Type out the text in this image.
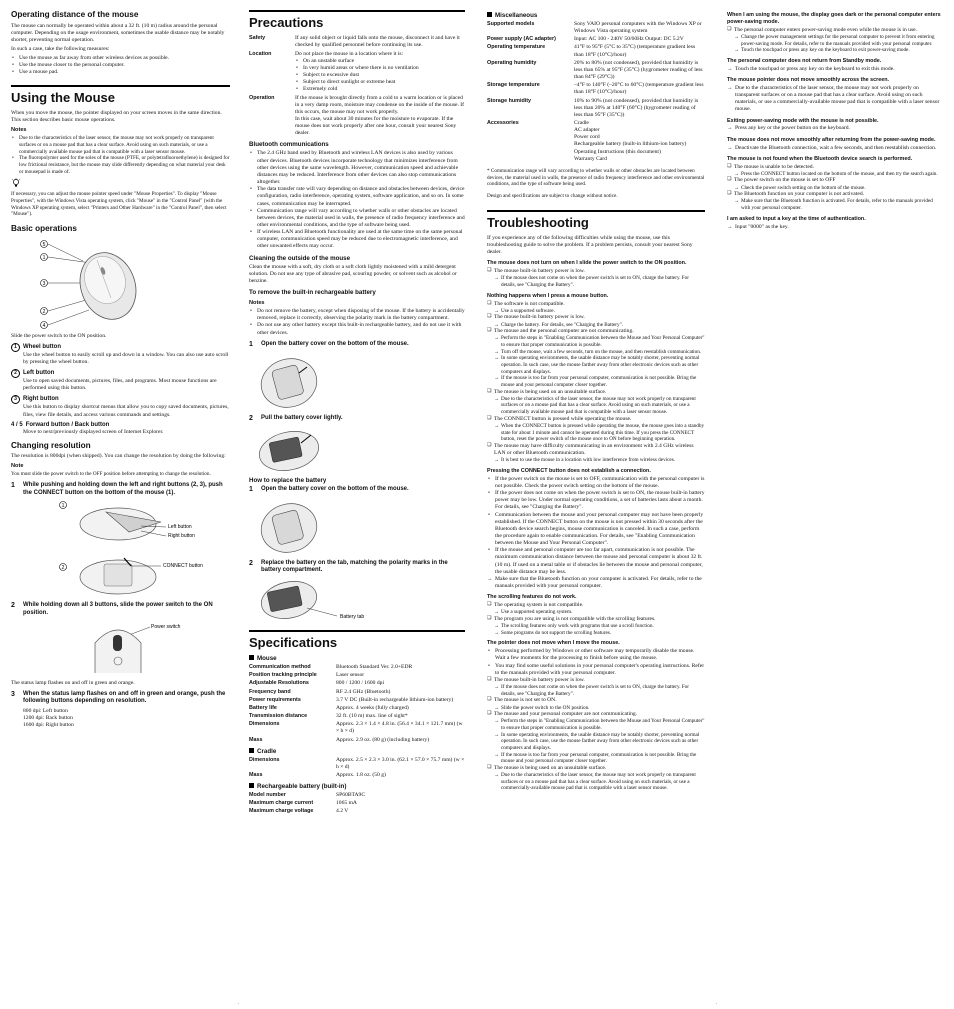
Operating distance of the mouse

The mouse can normally be operated within about a 32 ft. (10 m) radius around the personal computer. Depending on the usage environment, sometimes the usable distance may be notably shorter, preventing normal operation.

In such a case, take the following measures:

• Use the mouse as far away from other wireless devices as possible.
• Use the mouse closer to the personal computer.
• Use a mouse pad.
Using the Mouse

When you move the mouse, the pointer displayed on your screen moves in the same direction. This section describes basic mouse operations.

Notes
• Due to the characteristics of the laser sensor, the mouse may not work properly on transparent surfaces or on a mouse pad that has a clear surface. Avoid using on such materials, or use a commercially available mouse pad that is compatible with a laser sensor mouse.
• The fluoropolymer used for the soles of the mouse (PTFE, or polytetrafluoroethylene) is designed for low frictional resistance, but the mouse may slide differently depending on what material your desk or mousepad is made of.

If necessary, you can adjust the mouse pointer speed under "Mouse Properties". To display "Mouse Properties", with the Windows Vista operating system, click "Mouse" in the "Control Panel" (with the Windows XP operating system, select "Printers and Other Hardware" in the "Control Panel", then select "Mouse").

Basic operations
5
1
3
2
4

Slide the power switch to the ON position.

1 Wheel button

Use the wheel button to easily scroll up and down in a window. You can also use auto scroll by pressing the wheel button.

2 Left button

Use to open saved documents, pictures, files, and programs. Most mouse functions are performed using this button.

3 Right button

Use this button to display shortcut menus that allow you to copy saved documents, pictures, files, view file details, and access various commands and settings.

4 / 5 Forward button / Back button

Move to next/previously displayed screen of Internet Explorer.

Changing resolution

The resolution is 800dpi (when shipped). You can change the resolution by doing the following:

Note

You must slide the power switch to the OFF position before attempting to change the resolution.

1	While pushing and holding down the left and right buttons (2, 3), push the CONNECT button on the bottom of the mouse (1).
1
2
Left button
Right button
CONNECT button
2	While holding down all 3 buttons, slide the power switch to the ON position.
Power switch

The status lamp flashes on and off in green and orange.

3	When the status lamp flashes on and off in green and orange, push the following buttons depending on resolution.

800 dpi: Left button

1200 dpi: Back button

1600 dpi: Right button

Precautions
Safety	If any solid object or liquid falls onto the mouse, disconnect it and have it checked by qualified personnel before continuing its use.
Location	Do not place the mouse in a location where it is:
• On an unstable surface
• In very humid areas or where there is no ventilation
• Subject to excessive dust
• Subject to direct sunlight or extreme heat
• Extremely cold
Operation	If the mouse is brought directly from a cold to a warm location or is placed in a very damp room, moisture may condense on the inside of the mouse. If this occurs, the mouse may not work properly.
In this case, wait about 30 minutes for the moisture to evaporate. If the mouse does not work properly after one hour, consult your nearest Sony dealer.
Bluetooth communications
• The 2.4 GHz band used by Bluetooth and wireless LAN devices is also used by various other devices. Bluetooth devices incorporate technology that minimizes interference from other devices using the same wavelength. However, communication speed and achievable distances may be reduced. Interference from other devices can also stop communications altogether.
• The data transfer rate will vary depending on distance and obstacles between devices, device configuration, radio interference, operating system, software application, and so on. In some cases, communication may be interrupted.
• Communication range will vary according to whether walls or other obstacles are located between devices, the material used in walls, the presence of radio frequency interference and other environmental conditions, and the type of software being used.
• If wireless LAN and Bluetooth functionality are used at the same time on the same personal computer, communication speed may be reduced due to electromagnetic interference, and other unwanted effects may occur.
Cleaning the outside of the mouse

Clean the mouse with a soft, dry cloth or a soft cloth lightly moistened with a mild detergent solution. Do not use any type of abrasive pad, scouring powder, or solvent such as alcohol or benzine.

To remove the built-in rechargeable battery
Notes
• Do not remove the battery, except when disposing of the mouse. If the battery is accidentally removed, replace it correctly, observing the polarity mark in the battery compartment.
• Do not use any other battery except this built-in rechargeable battery, and do not use it with other devices.
1	Open the battery cover on the bottom of the mouse.
2	Pull the battery cover lightly.
How to replace the battery
1	Open the battery cover on the bottom of the mouse.
2	Replace the battery on the tab, matching the polarity marks in the battery compartment.
Battery tab
Specifications
Mouse
Communication method	Bluetooth Standard Ver. 2.0+EDR
Position tracking principle	Laser sensor
Adjustable Resolutions	800 / 1200 / 1600 dpi
Frequency band	RF 2.4 GHz (Bluetooth)
Power requirements	3.7 V DC (Built-in rechargeable lithium-ion battery)
Battery life	Approx. 4 weeks (fully charged)
Transmission distance	32 ft. (10 m) max. line of sight*
Dimensions	Approx. 2.3 × 1.4 × 4.8 in. (56.4 × 34.1 × 121.7 mm) (w × h × d)
Mass	Approx. 2.9 oz. (80 g) (including battery)
Cradle
Dimensions	Approx. 2.5 × 2.3 × 3.0 in. (62.1 × 57.0 × 75.7 mm) (w × h × d)
Mass	Approx. 1.8 oz. (50 g)
Rechargeable battery (built-in)
Model number	SP60BTA9C
Maximum charge current	1065 mA
Maximum charge voltage	4.2 V
Miscellaneous
Supported models	Sony VAIO personal computers with the Windows XP or Windows Vista operating system
Power supply (AC adapter)	Input: AC 100 - 240V 50/60Hz Output: DC 5.2V
Operating temperature	41°F to 95°F (5°C to 35°C) (temperature gradient less than 18°F (10°C)/hour)
Operating humidity	20% to 80% (not condensed), provided that humidity is less than 65% at 95°F (35°C) (hygrometer reading of less than 84°F (29°C))
Storage temperature	–4°F to 140°F (–20°C to 60°C) (temperature gradient less than 18°F (10°C)/hour)
Storage humidity	10% to 90% (not condensed), provided that humidity is less than 20% at 140°F (60°C) (hygrometer reading of less than 95°F (35°C))
Accessories	Cradle
AC adapter
Power cord
Rechargeable battery (built-in lithium-ion battery)
Operating Instructions (this document)
Warranty Card

* Communication range will vary according to whether walls or other obstacles are located between devices, the material used in walls, the presence of radio frequency interference and other environmental conditions, and the type of software being used.

Design and specifications are subject to change without notice.

Troubleshooting

If you experience any of the following difficulties while using the mouse, use this troubleshooting guide to solve the problem. If a problem persists, consult your nearest Sony dealer.

The mouse does not turn on when I slide the power switch to the ON position.
❏ The mouse built-in battery power is low.
→ If the mouse does not come on when the power switch is set to ON, charge the battery. For details, see "Charging the Battery".
Nothing happens when I press a mouse button.
❏ The software is not compatible.
→ Use a supported software.
❏ The mouse built-in battery power is low.
→ Charge the battery. For details, see "Charging the Battery".
❏ The mouse and the personal computer are not communicating.
→ Perform the steps in "Enabling Communication between the Mouse and Your Personal Computer" to ensure that proper communication is possible.
→ Turn off the mouse, wait a few seconds, turn on the mouse, and then reestablish communication.
→ In some operating environments, the usable distance may be notably shorter, preventing normal operation. In such case, use the mouse farther away from other electronic devices such as other computers and displays.
→ If the mouse is too far from your personal computer, communication is not possible. Bring the mouse and your personal computer closer together.
❏ The mouse is being used on an unsuitable surface.
→ Due to the characteristics of the laser sensor, the mouse may not work properly on transparent surfaces or on a mouse pad that has a clear surface. Avoid using on such materials, or use a commercially available mouse pad that is compatible with a laser sensor mouse.
❏ The CONNECT button is pressed while operating the mouse.
→ When the CONNECT button is pressed while operating the mouse, the mouse goes into a standby state for about 1 minute and cannot be operated during this time. If you press the CONNECT button, reset the power switch of the mouse once to ON before beginning operation.
❏ The mouse may have difficulty communicating in an environment with 2.4 GHz wireless LAN or other Bluetooth communication.
→ It is best to use the mouse in a location with low interference from wireless devices.
Pressing the CONNECT button does not establish a connection.
• If the power switch on the mouse is set to OFF, communication with the personal computer is not possible. Check the power switch setting on the bottom of the mouse.
• If the power does not come on when the power switch is set to ON, the mouse built-in battery power may be low. Under normal operating conditions, a set of batteries lasts about a month. For details, see "Charging the Battery".
• Communication between the mouse and your personal computer may not have been properly established. If the CONNECT button on the mouse is not pressed within 30 seconds after the Bluetooth device search begins, mouse communication is canceled. In such a case, perform the procedure again to enable communication. For details, see "Enabling Communication between the Mouse and Your Personal Computer".
• If the mouse and personal computer are too far apart, communication is not possible. The maximum communication distance between the mouse and personal computer is about 32 ft. (10 m). If used on a metal table or if obstacles lie between the mouse and personal computer, the usable distance may be less.
→ Make sure that the Bluetooth function on your computer is activated. For details, refer to the manuals provided with your personal computer.
The scrolling features do not work.
❏ The operating system is not compatible.
→ Use a supported operating system.
❏ The program you are using is not compatible with the scrolling features.
→ The scrolling features only work with programs that use a scroll function.
→ Some programs do not support the scrolling features.
The pointer does not move when I move the mouse.
• Processing performed by Windows or other software may temporarily disable the mouse. Wait a few moments for the processing to finish before using the mouse.
• You may find some useful solutions in your personal computer's operating instructions. Refer to the manuals provided with your personal computer.
❏ The mouse built-in battery power is low.
→ If the mouse does not come on when the power switch is set to ON, charge the battery. For details, see "Charging the Battery".
❏ The mouse is not set to ON.
→ Slide the power switch to the ON position.
❏ The mouse and your personal computer are not communicating.
→ Perform the steps in "Enabling Communication between the Mouse and Your Personal Computer" to ensure that proper communication is possible.
→ In some operating environments, the usable distance may be notably shorter, preventing normal operation. In such case, use the mouse farther away from other electronic devices such as other computers and displays.
→ If the mouse is too far from your personal computer, communication is not possible. Bring the mouse and your personal computer closer together.
❏ The mouse is being used on an unsuitable surface.
→ Due to the characteristics of the laser sensor, the mouse may not work properly on transparent surfaces or on a mouse pad that has a clear surface. Avoid using on such materials, or use a commercially-available mouse pad that is compatible with a laser sensor mouse.
When I am using the mouse, the display goes dark or the personal computer enters power-saving mode.
❏ The personal computer enters power-saving mode even while the mouse is in use.
→ Change the power management settings for the personal computer to prevent it from entering power-saving mode. For details, refer to the manuals provided with your personal computer.
→ Touch the touchpad or press any key on the keyboard to exit power-saving mode.
The personal computer does not return from Standby mode.
→ Touch the touchpad or press any key on the keyboard to exit this mode.
The mouse pointer does not move smoothly across the screen.
→ Due to the characteristics of the laser sensor, the mouse may not work properly on transparent surfaces or on a mouse pad that has a clear surface. Avoid using on such materials, or use a commercially-available mouse pad that is compatible with a laser sensor mouse.
Exiting power-saving mode with the mouse is not possible.
→ Press any key or the power button on the keyboard.
The mouse does not move smoothly after returning from the power-saving mode.
→ Deactivate the Bluetooth connection, wait a few seconds, and then reestablish connection.
The mouse is not found when the Bluetooth device search is performed.
❏ The mouse is unable to be detected.
→ Press the CONNECT button located on the bottom of the mouse, and then try the search again.
❏ The power switch on the mouse is set to OFF
→ Check the power switch setting on the bottom of the mouse.
❏ The Bluetooth function on your computer is not activated.
→ Make sure that the Bluetooth function is activated. For details, refer to the manuals provided with your personal computer.
I am asked to input a key at the time of authentication.
→ Input "0000" as the key.
·	·
